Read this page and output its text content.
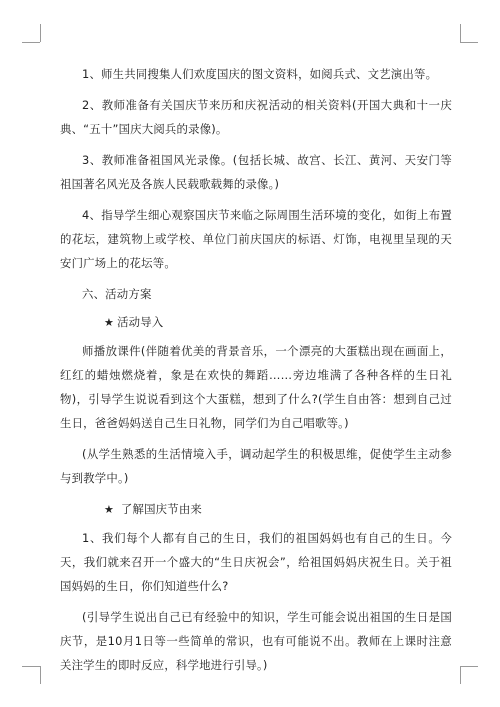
1、师生共同搜集人们欢度国庆的图文资料，如阅兵式、文艺演出等。

2、教师准备有关国庆节来历和庆祝活动的相关资料(开国大典和十一庆典、“五十”国庆大阅兵的录像)。

3、教师准备祖国风光录像。(包括长城、故宫、长江、黄河、天安门等祖国著名风光及各族人民载歌载舞的录像。)

4、指导学生细心观察国庆节来临之际周围生活环境的变化，如街上布置的花坛，建筑物上或学校、单位门前庆国庆的标语、灯饰，电视里呈现的天安门广场上的花坛等。

六、活动方案

★ 活动导入

师播放课件(伴随着优美的背景音乐，一个漂亮的大蛋糕出现在画面上，红红的蜡烛燃烧着，象是在欢快的舞蹈……旁边堆满了各种各样的生日礼物)，引导学生说说看到这个大蛋糕，想到了什么?(学生自由答：想到自己过生日，爸爸妈妈送自己生日礼物，同学们为自己唱歌等。)

(从学生熟悉的生活情境入手，调动起学生的积极思维，促使学生主动参与到教学中。)

★ 了解国庆节由来

1、我们每个人都有自己的生日，我们的祖国妈妈也有自己的生日。今天，我们就来召开一个盛大的“生日庆祝会”，给祖国妈妈庆祝生日。关于祖国妈妈的生日，你们知道些什么?

(引导学生说出自己已有经验中的知识，学生可能会说出祖国的生日是国庆节，是10月1日等一些简单的常识，也有可能说不出。教师在上课时注意关注学生的即时反应，科学地进行引导。)
